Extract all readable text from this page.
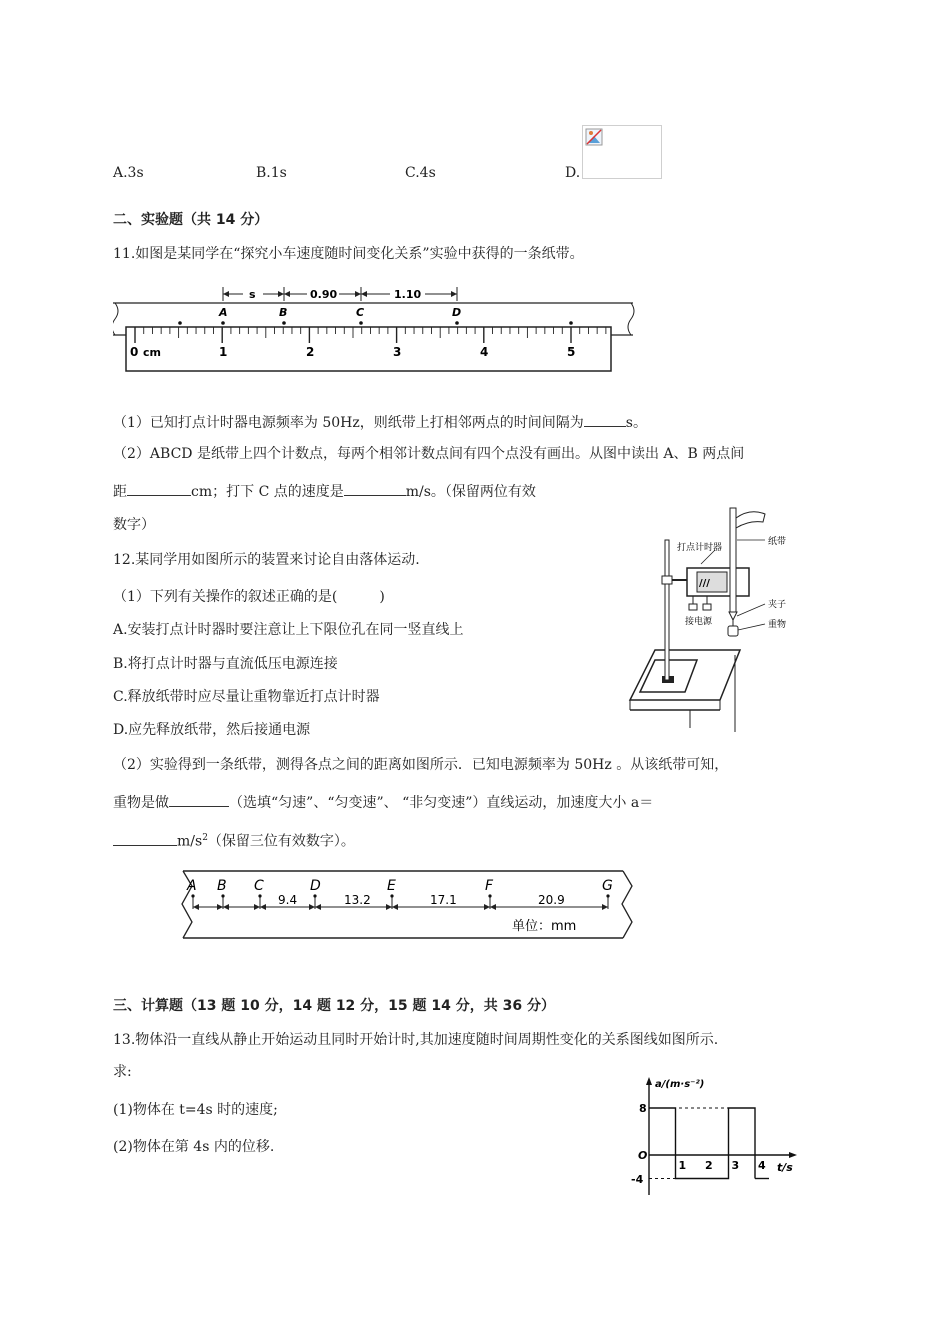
A.3s	B.1s	C.4s	D.
二、实验题（共 14 分）
11.如图是某同学在“探究小车速度随时间变化关系”实验中获得的一条纸带。
0 cm	1	2	3	4	5
A	B	C	D
s	0.90	1.10
（1）已知打点计时器电源频率为 50Hz，则纸带上打相邻两点的时间间隔为	s。
（2）ABCD 是纸带上四个计数点，每两个相邻计数点间有四个点没有画出。从图中读出 A、B 两点间
距	cm；打下 C 点的速度是	m/s。（保留两位有效
数字）
12.某同学用如图所示的装置来讨论自由落体运动.
（1）下列有关操作的叙述正确的是(　　　)
A.安装打点计时器时要注意让上下限位孔在同一竖直线上
B.将打点计时器与直流低压电源连接
C.释放纸带时应尽量让重物靠近打点计时器
D.应先释放纸带，然后接通电源
///
打点计时器
纸带
夹子
接电源	重物
（2）实验得到一条纸带，测得各点之间的距离如图所示．已知电源频率为 50Hz 。从该纸带可知，
重物是做	（选填“匀速”、“匀变速”、 “非匀变速”）直线运动，加速度大小 a＝
$m/s^2$（保留三位有效数字）。
A B C	D	E	F	G
9.4	13.2	17.1	20.9
单位：mm
三、计算题（13 题 10 分，14 题 12 分，15 题 14 分，共 36 分）
13.物体沿一直线从静止开始运动且同时开始计时,其加速度随时间周期性变化的关系图线如图所示.
求:
(1)物体在 t=4s 时的速度;
(2)物体在第 4s 内的位移.
a/(m·s⁻²)
t/s
8
O
-4
1 2 3 4
